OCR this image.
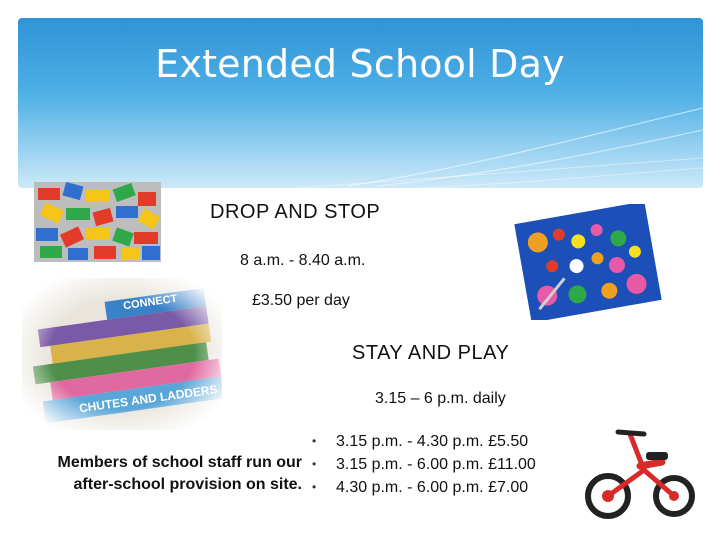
Extended School Day
DROP AND STOP
8 a.m. - 8.40 a.m.
£3.50 per day
STAY AND PLAY
3.15 – 6 p.m. daily
Members of school staff run our
after-school provision on site.
• 3.15 p.m. - 4.30 p.m. £5.50
• 3.15 p.m. - 6.00 p.m. £11.00
• 4.30 p.m. - 6.00 p.m. £7.00
